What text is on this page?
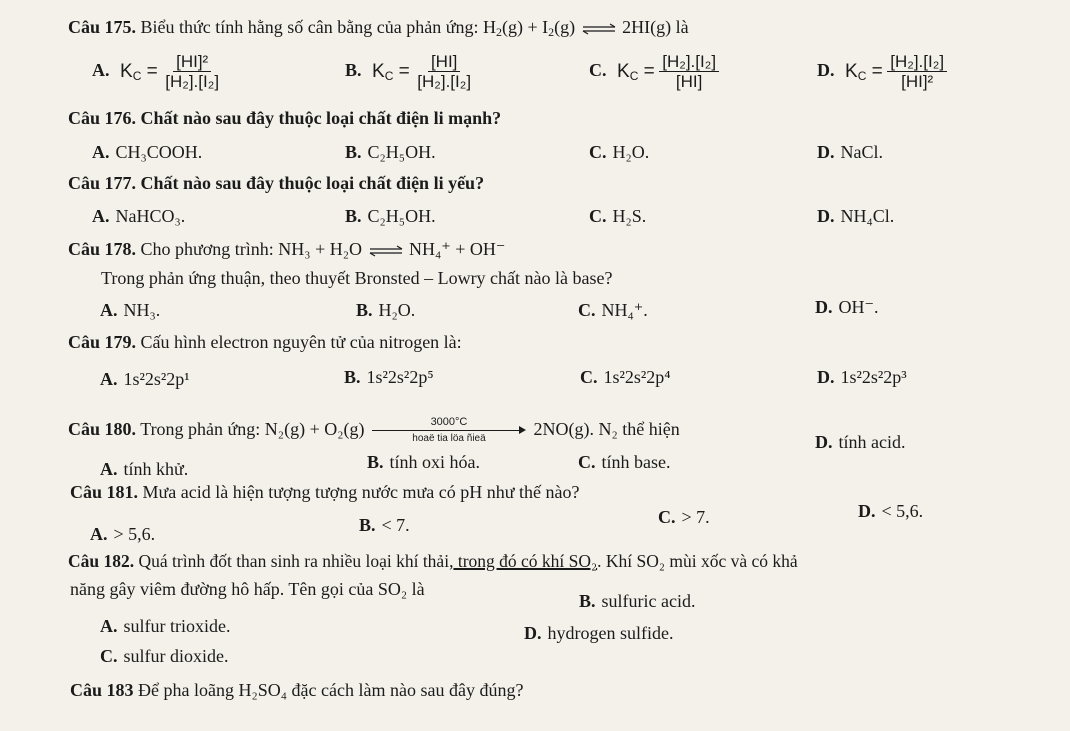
Câu 175. Biểu thức tính hằng số cân bằng của phản ứng: $H_2(g) + I_2(g)$  2HI(g) là
A. $K_C = \frac{\text{[HI]²}}{\text{[H₂].[I₂]}}$	B. $K_C = \frac{[HI]}{\text{[H₂].[I₂]}}$	C. $K_C = \frac{\text{[H₂].[I₂]}}{[HI]}$	D. $K_C = \frac{\text{[H₂].[I₂]}}{\text{[HI]²}}$
Câu 176. Chất nào sau đây thuộc loại chất điện li mạnh?
A. CH₃COOH.	B. C₂H₅OH.	C. H₂O.	D. NaCl.
Câu 177. Chất nào sau đây thuộc loại chất điện li yếu?
A. NaHCO₃.	B. C₂H₅OH.	C. H₂S.	D. NH₄Cl.
Câu 178. Cho phương trình: NH₃ + H₂O	NH₄⁺ + OH⁻
Trong phản ứng thuận, theo thuyết Bronsted – Lowry chất nào là base?
A. NH₃.	B. H₂O.	C. NH₄⁺.	D. OH⁻.
Câu 179. Cấu hình electron nguyên tử của nitrogen là:
A. 1s²2s²2p¹	B. 1s²2s²2p⁵	C. 1s²2s²2p⁴	D. 1s²2s²2p³
Câu 180. Trong phản ứng: N₂(g) + O₂(g)	3000°C
hoaë tia löa ñieä	2NO(g). N₂ thể hiện
A. tính khử.	B. tính oxi hóa.	C. tính base.
D. tính acid.
Câu 181. Mưa acid là hiện tượng tượng nước mưa có pH như thế nào?
A. > 5,6.	B. < 7.	C. > 7.	D. < 5,6.
Câu 182. Quá trình đốt than sinh ra nhiều loại khí thải, trong đó có khí SO₂. Khí SO₂ mùi xốc và có khả
năng gây viêm đường hô hấp. Tên gọi của SO₂ là
A. sulfur trioxide.
B. sulfuric acid.
C. sulfur dioxide.
D. hydrogen sulfide.
Câu 183 Để pha loãng H₂SO₄ đặc cách làm nào sau đây đúng?
